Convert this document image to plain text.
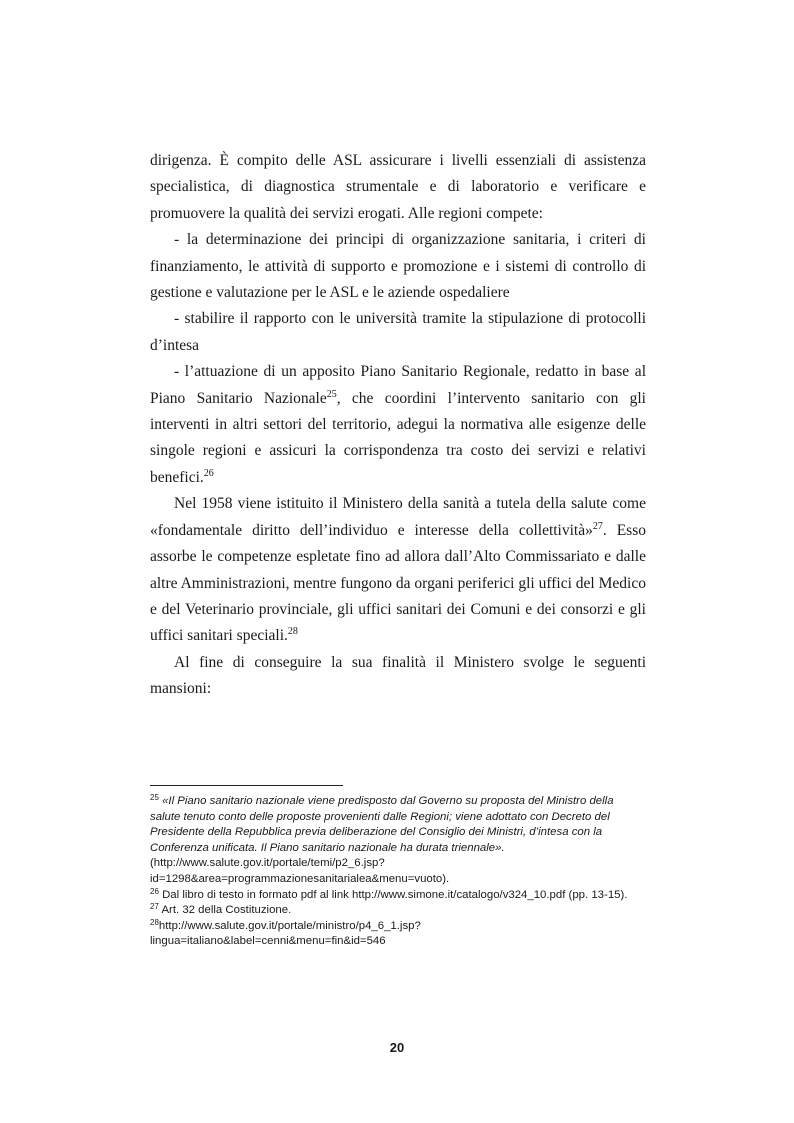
dirigenza. È compito delle ASL assicurare i livelli essenziali di assistenza specialistica, di diagnostica strumentale e di laboratorio e verificare e promuovere la qualità dei servizi erogati. Alle regioni compete:

- la determinazione dei principi di organizzazione sanitaria, i criteri di finanziamento, le attività di supporto e promozione e i sistemi di controllo di gestione e valutazione per le ASL e le aziende ospedaliere

- stabilire il rapporto con le università tramite la stipulazione di protocolli d’intesa

- l’attuazione di un apposito Piano Sanitario Regionale, redatto in base al Piano Sanitario Nazionale$^{25}$, che coordini l’intervento sanitario con gli interventi in altri settori del territorio, adegui la normativa alle esigenze delle singole regioni e assicuri la corrispondenza tra costo dei servizi e relativi benefici.$^{26}$

Nel 1958 viene istituito il Ministero della sanità a tutela della salute come «fondamentale diritto dell’individuo e interesse della collettività»$^{27}$. Esso assorbe le competenze espletate fino ad allora dall’Alto Commissariato e dalle altre Amministrazioni, mentre fungono da organi periferici gli uffici del Medico e del Veterinario provinciale, gli uffici sanitari dei Comuni e dei consorzi e gli uffici sanitari speciali.$^{28}$

Al fine di conseguire la sua finalità il Ministero svolge le seguenti mansioni:

$^{25}$ «Il Piano sanitario nazionale viene predisposto dal Governo su proposta del Ministro della salute tenuto conto delle proposte provenienti dalle Regioni; viene adottato con Decreto del Presidente della Repubblica previa deliberazione del Consiglio dei Ministri, d’intesa con la Conferenza unificata. Il Piano sanitario nazionale ha durata triennale».
(http://www.salute.gov.it/portale/temi/p2_6.jsp?id=1298&area=programmazionesanitarialea&menu=vuoto).

$^{26}$ Dal libro di testo in formato pdf al link http://www.simone.it/catalogo/v324_10.pdf (pp. 13-15).

$^{27}$ Art. 32 della Costituzione.

$^{28}$http://www.salute.gov.it/portale/ministro/p4_6_1.jsp?lingua=italiano&label=cenni&menu=fin&id=546

20
